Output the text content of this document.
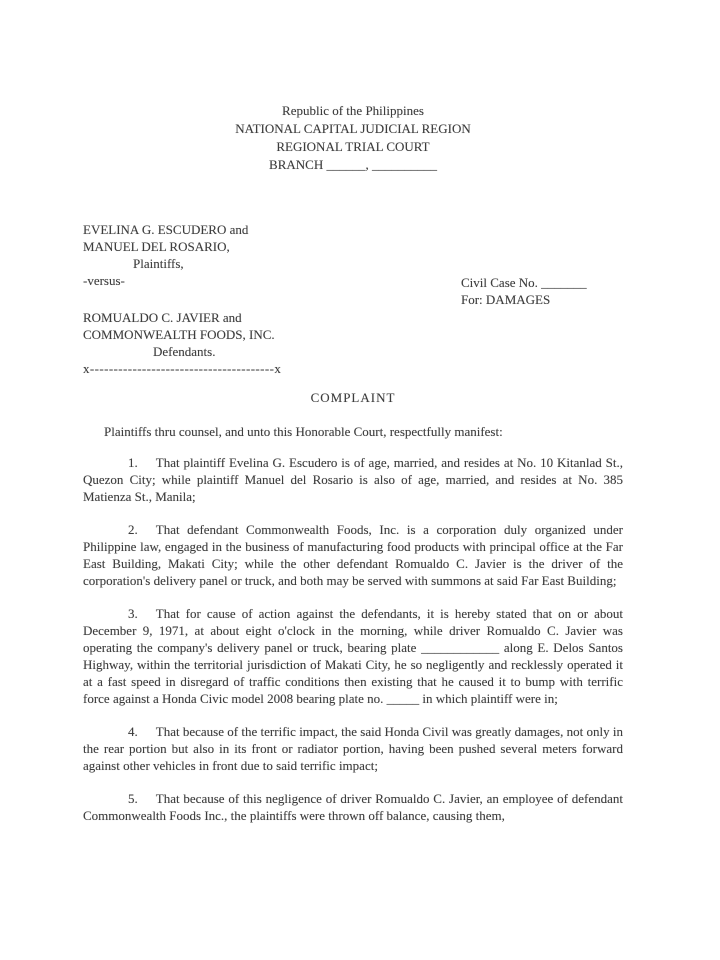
Republic of the Philippines
NATIONAL CAPITAL JUDICIAL REGION
REGIONAL TRIAL COURT
BRANCH ______, __________
EVELINA G. ESCUDERO and
MANUEL DEL ROSARIO,
Plaintiffs,
-versus-
ROMUALDO C. JAVIER and
COMMONWEALTH FOODS, INC.
Defendants.
Civil Case No. _______
For: DAMAGES
x---------------------------------------x
COMPLAINT

Plaintiffs thru counsel, and unto this Honorable Court, respectfully manifest:

1. That plaintiff Evelina G. Escudero is of age, married, and resides at No. 10 Kitanlad St., Quezon City; while plaintiff Manuel del Rosario is also of age, married, and resides at No. 385 Matienza St., Manila;

2. That defendant Commonwealth Foods, Inc. is a corporation duly organized under Philippine law, engaged in the business of manufacturing food products with principal office at the Far East Building, Makati City; while the other defendant Romualdo C. Javier is the driver of the corporation's delivery panel or truck, and both may be served with summons at said Far East Building;

3. That for cause of action against the defendants, it is hereby stated that on or about December 9, 1971, at about eight o'clock in the morning, while driver Romualdo C. Javier was operating the company's delivery panel or truck, bearing plate ____________ along E. Delos Santos Highway, within the territorial jurisdiction of Makati City, he so negligently and recklessly operated it at a fast speed in disregard of traffic conditions then existing that he caused it to bump with terrific force against a Honda Civic model 2008 bearing plate no. _____ in which plaintiff were in;

4. That because of the terrific impact, the said Honda Civil was greatly damages, not only in the rear portion but also in its front or radiator portion, having been pushed several meters forward against other vehicles in front due to said terrific impact;

5. That because of this negligence of driver Romualdo C. Javier, an employee of defendant Commonwealth Foods Inc., the plaintiffs were thrown off balance, causing them,
